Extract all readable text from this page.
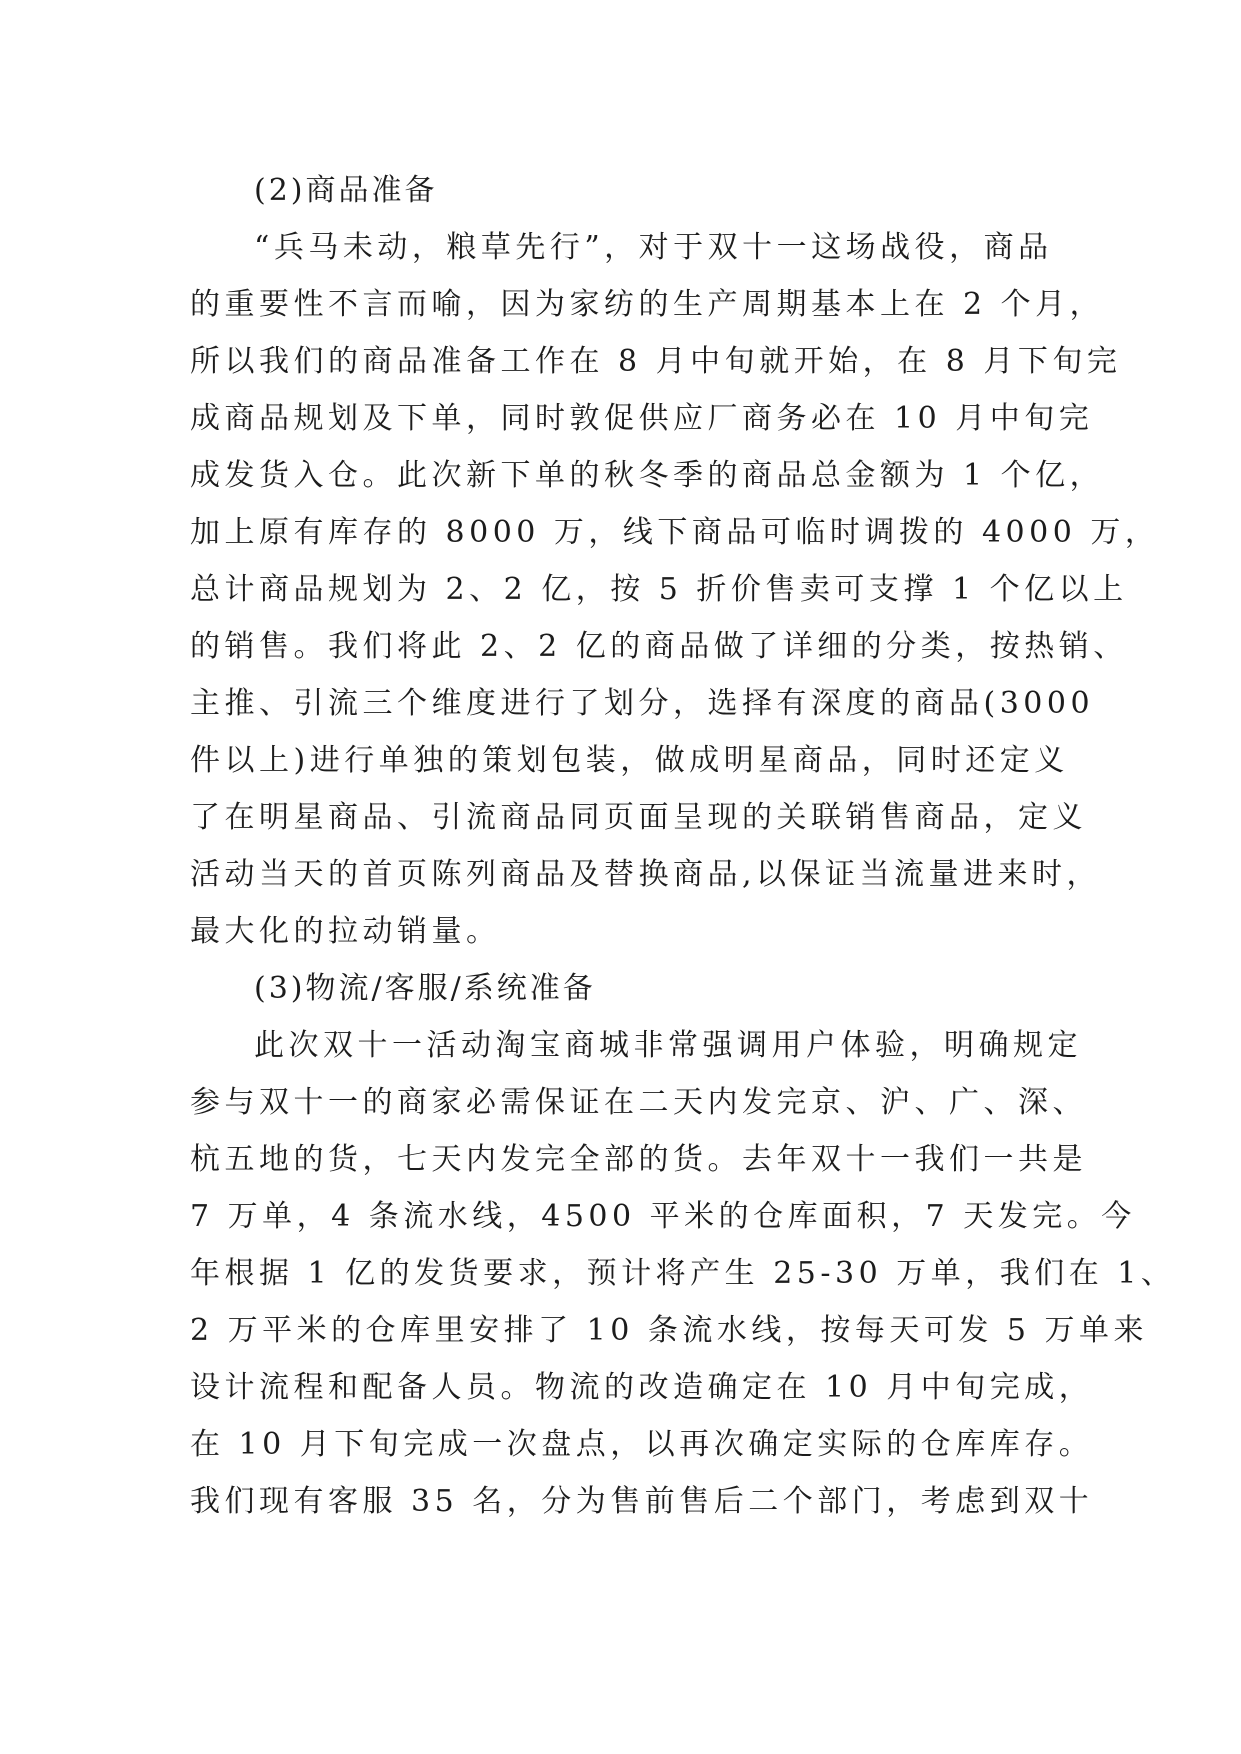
(2)商品准备
“兵马未动，粮草先行”，对于双十一这场战役，商品
的重要性不言而喻，因为家纺的生产周期基本上在 2 个月，
所以我们的商品准备工作在 8 月中旬就开始，在 8 月下旬完
成商品规划及下单，同时敦促供应厂商务必在 10 月中旬完
成发货入仓。此次新下单的秋冬季的商品总金额为 1 个亿，
加上原有库存的 8000 万，线下商品可临时调拨的 4000 万，
总计商品规划为 2、2 亿，按 5 折价售卖可支撑 1 个亿以上
的销售。我们将此 2、2 亿的商品做了详细的分类，按热销、
主推、引流三个维度进行了划分，选择有深度的商品(3000
件以上)进行单独的策划包装，做成明星商品，同时还定义
了在明星商品、引流商品同页面呈现的关联销售商品，定义
活动当天的首页陈列商品及替换商品,以保证当流量进来时，
最大化的拉动销量。
(3)物流/客服/系统准备
此次双十一活动淘宝商城非常强调用户体验，明确规定
参与双十一的商家必需保证在二天内发完京、沪、广、深、
杭五地的货，七天内发完全部的货。去年双十一我们一共是
7 万单，4 条流水线，4500 平米的仓库面积，7 天发完。今
年根据 1 亿的发货要求，预计将产生 25-30 万单，我们在 1、
2 万平米的仓库里安排了 10 条流水线，按每天可发 5 万单来
设计流程和配备人员。物流的改造确定在 10 月中旬完成，
在 10 月下旬完成一次盘点，以再次确定实际的仓库库存。
我们现有客服 35 名，分为售前售后二个部门，考虑到双十
